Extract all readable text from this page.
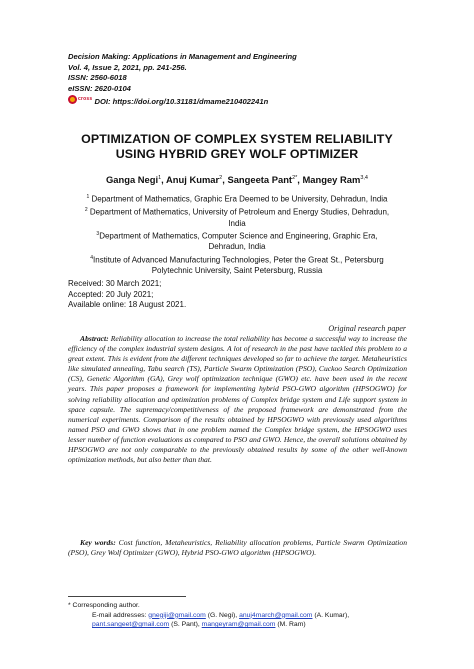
Decision Making: Applications in Management and Engineering
Vol. 4, Issue 2, 2021, pp. 241-256.
ISSN: 2560-6018
eISSN: 2620-0104
cross DOI: https://doi.org/10.31181/dmame210402241n
OPTIMIZATION OF COMPLEX SYSTEM RELIABILITY
USING HYBRID GREY WOLF OPTIMIZER
Ganga Negi$^1$, Anuj Kumar$^2$, Sangeeta Pant$^{2*}$, Mangey Ram$^{3,4}$
$^1$ Department of Mathematics, Graphic Era Deemed to be University, Dehradun, India
$^2$ Department of Mathematics, University of Petroleum and Energy Studies, Dehradun,
India
$^3$Department of Mathematics, Computer Science and Engineering, Graphic Era,
Dehradun, India
$^4$Institute of Advanced Manufacturing Technologies, Peter the Great St., Petersburg
Polytechnic University, Saint Petersburg, Russia
Received: 30 March 2021;
Accepted: 20 July 2021;
Available online: 18 August 2021.
Original research paper
Abstract: Reliability allocation to increase the total reliability has become a successful way to increase the efficiency of the complex industrial system designs. A lot of research in the past have tackled this problem to a great extent. This is evident from the different techniques developed so far to achieve the target. Metaheuristics like simulated annealing, Tabu search (TS), Particle Swarm Optimization (PSO), Cuckoo Search Optimization (CS), Genetic Algorithm (GA), Grey wolf optimization technique (GWO) etc. have been used in the recent years. This paper proposes a framework for implementing hybrid PSO-GWO algorithm (HPSOGWO) for solving reliability allocation and optimization problems of Complex bridge system and Life support system in space capsule. The supremacy/competitiveness of the proposed framework are demonstrated from the numerical experiments. Comparison of the results obtained by HPSOGWO with previously used algorithms named PSO and GWO shows that in one problem named the Complex bridge system, the HPSOGWO uses lesser number of function evaluations as compared to PSO and GWO. Hence, the overall solutions obtained by HPSOGWO are not only comparable to the previously obtained results by some of the other well-known optimization methods, but also better than that.
Key words: Cost function, Metaheuristics, Reliability allocation problems, Particle Swarm Optimization (PSO), Grey Wolf Optimizer (GWO), Hybrid PSO-GWO algorithm (HPSOGWO).
* Corresponding author.
E-mail addresses: gnegiji@gmail.com (G. Negi), anuj4march@gmail.com (A. Kumar), pant.sangeet@gmail.com (S. Pant), mangeyram@gmail.com (M. Ram)
